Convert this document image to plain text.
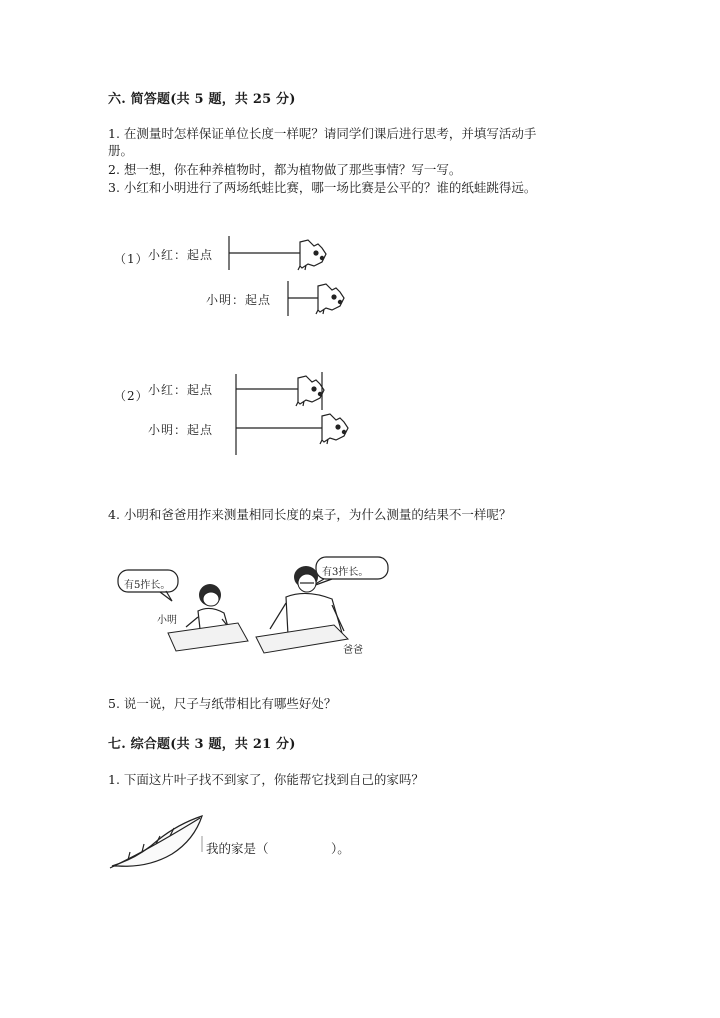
六. 简答题(共 5 题，共 25 分)
1. 在测量时怎样保证单位长度一样呢？请同学们课后进行思考，并填写活动手
册。
2. 想一想，你在种养植物时，都为植物做了那些事情？写一写。
3. 小红和小明进行了两场纸蛙比赛，哪一场比赛是公平的？谁的纸蛙跳得远。
（1） 小红：起点
小明：起点
（2） 小红：起点
小明：起点
4. 小明和爸爸用拃来测量相同长度的桌子，为什么测量的结果不一样呢？
有5拃长。
有3拃长。
小明
爸爸
5. 说一说，尺子与纸带相比有哪些好处？
七. 综合题(共 3 题，共 21 分)
1. 下面这片叶子找不到家了，你能帮它找到自己的家吗？
我的家是（　　　　　）。
